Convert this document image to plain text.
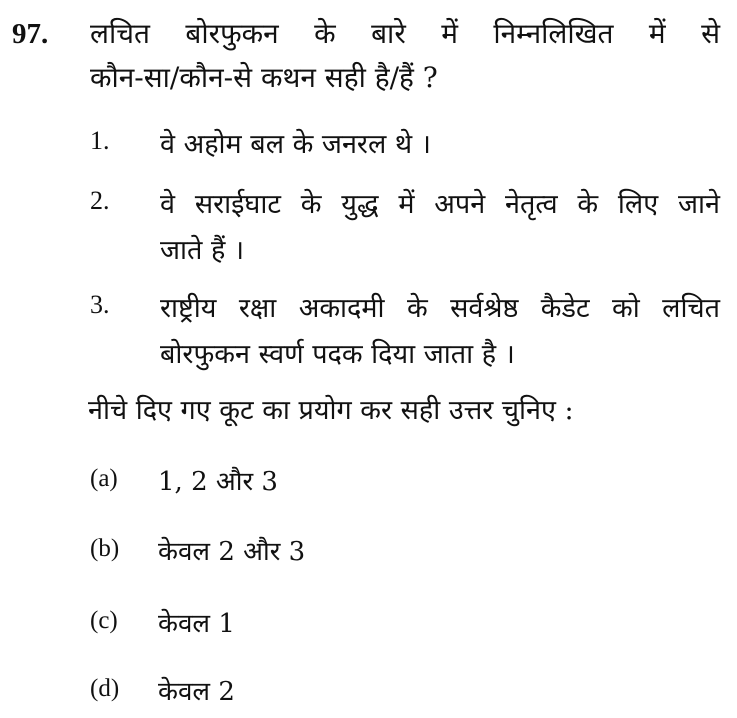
97. लचित बोरफुकन के बारे में निम्नलिखित में से
कौन-सा/कौन-से कथन सही है/हैं ?
1. वे अहोम बल के जनरल थे ।
2. वे सराईघाट के युद्ध में अपने नेतृत्व के लिए जाने
जाते हैं ।
3. राष्ट्रीय रक्षा अकादमी के सर्वश्रेष्ठ कैडेट को लचित
बोरफुकन स्वर्ण पदक दिया जाता है ।
नीचे दिए गए कूट का प्रयोग कर सही उत्तर चुनिए :
(a) 1, 2 और 3
(b) केवल 2 और 3
(c) केवल 1
(d) केवल 2
